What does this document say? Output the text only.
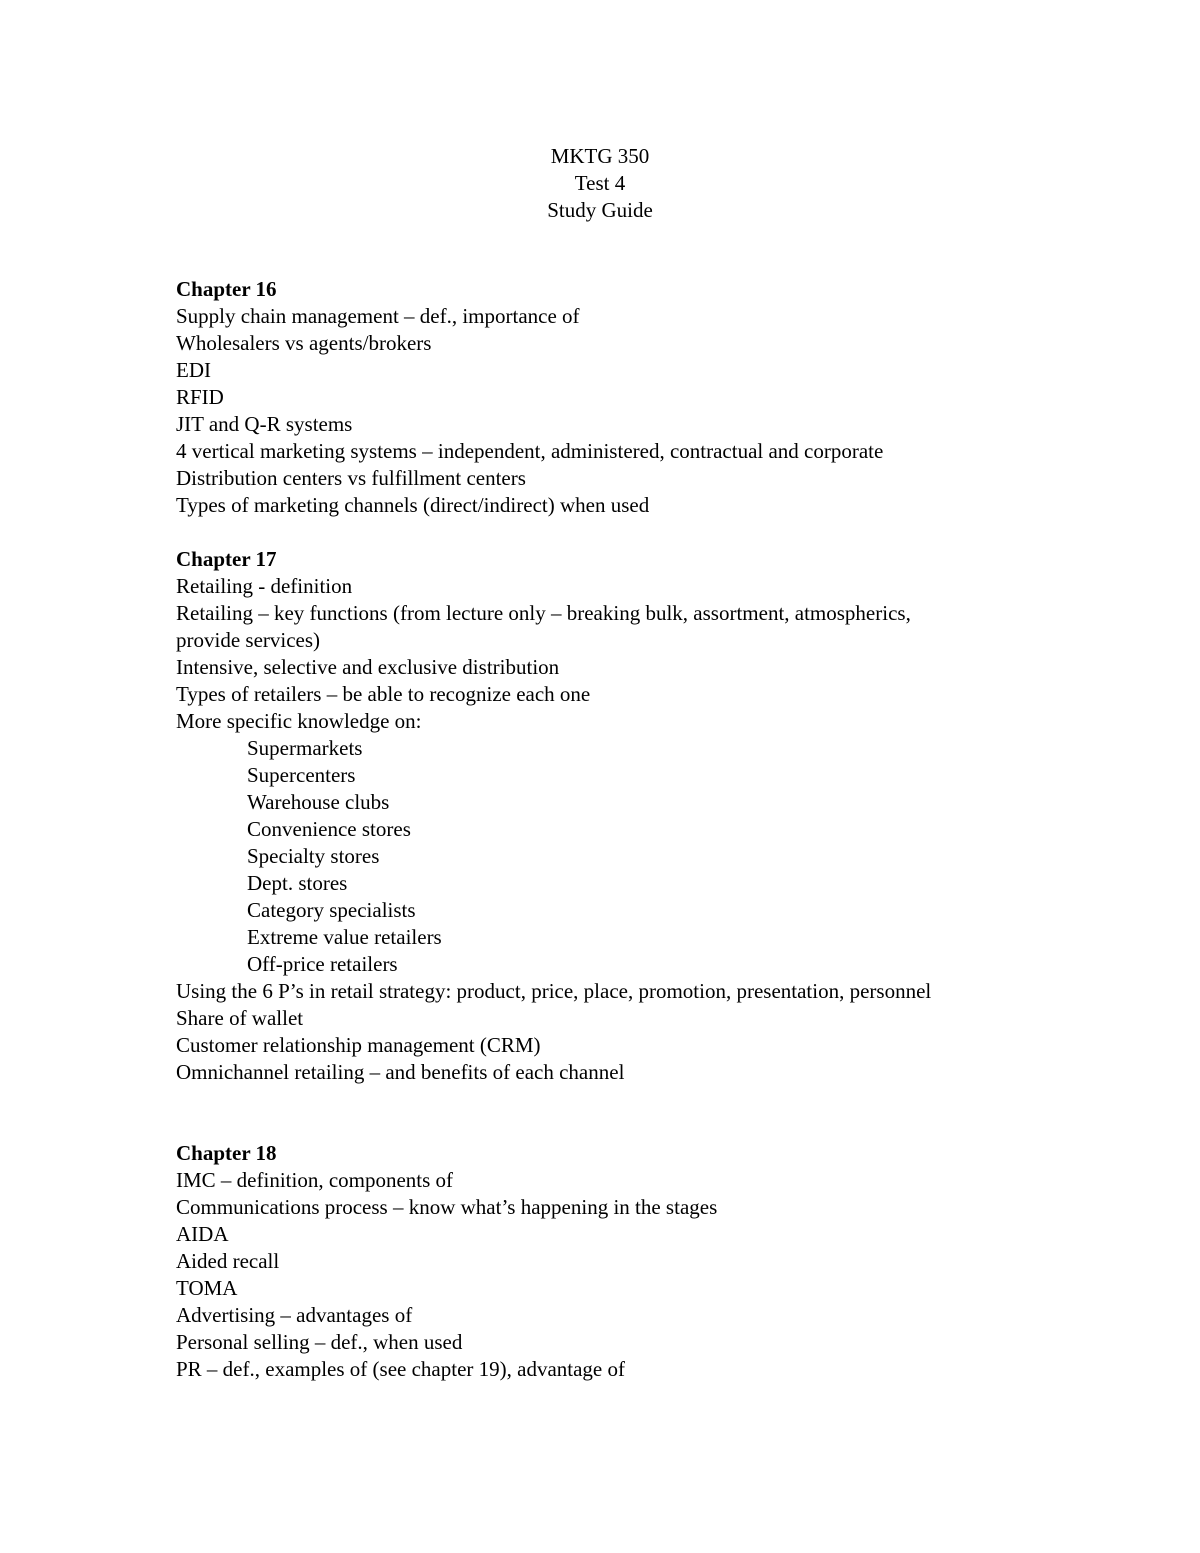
MKTG 350
Test 4
Study Guide
Chapter 16
Supply chain management – def., importance of
Wholesalers vs agents/brokers
EDI
RFID
JIT and Q-R systems
4 vertical marketing systems – independent, administered, contractual and corporate
Distribution centers vs fulfillment centers
Types of marketing channels (direct/indirect) when used
Chapter 17
Retailing - definition
Retailing – key functions (from lecture only – breaking bulk, assortment, atmospherics,
provide services)
Intensive, selective and exclusive distribution
Types of retailers – be able to recognize each one
More specific knowledge on:
Supermarkets
Supercenters
Warehouse clubs
Convenience stores
Specialty stores
Dept. stores
Category specialists
Extreme value retailers
Off-price retailers
Using the 6 P’s in retail strategy: product, price, place, promotion, presentation, personnel
Share of wallet
Customer relationship management (CRM)
Omnichannel retailing – and benefits of each channel
Chapter 18
IMC – definition, components of
Communications process – know what’s happening in the stages
AIDA
Aided recall
TOMA
Advertising – advantages of
Personal selling – def., when used
PR – def., examples of (see chapter 19), advantage of
